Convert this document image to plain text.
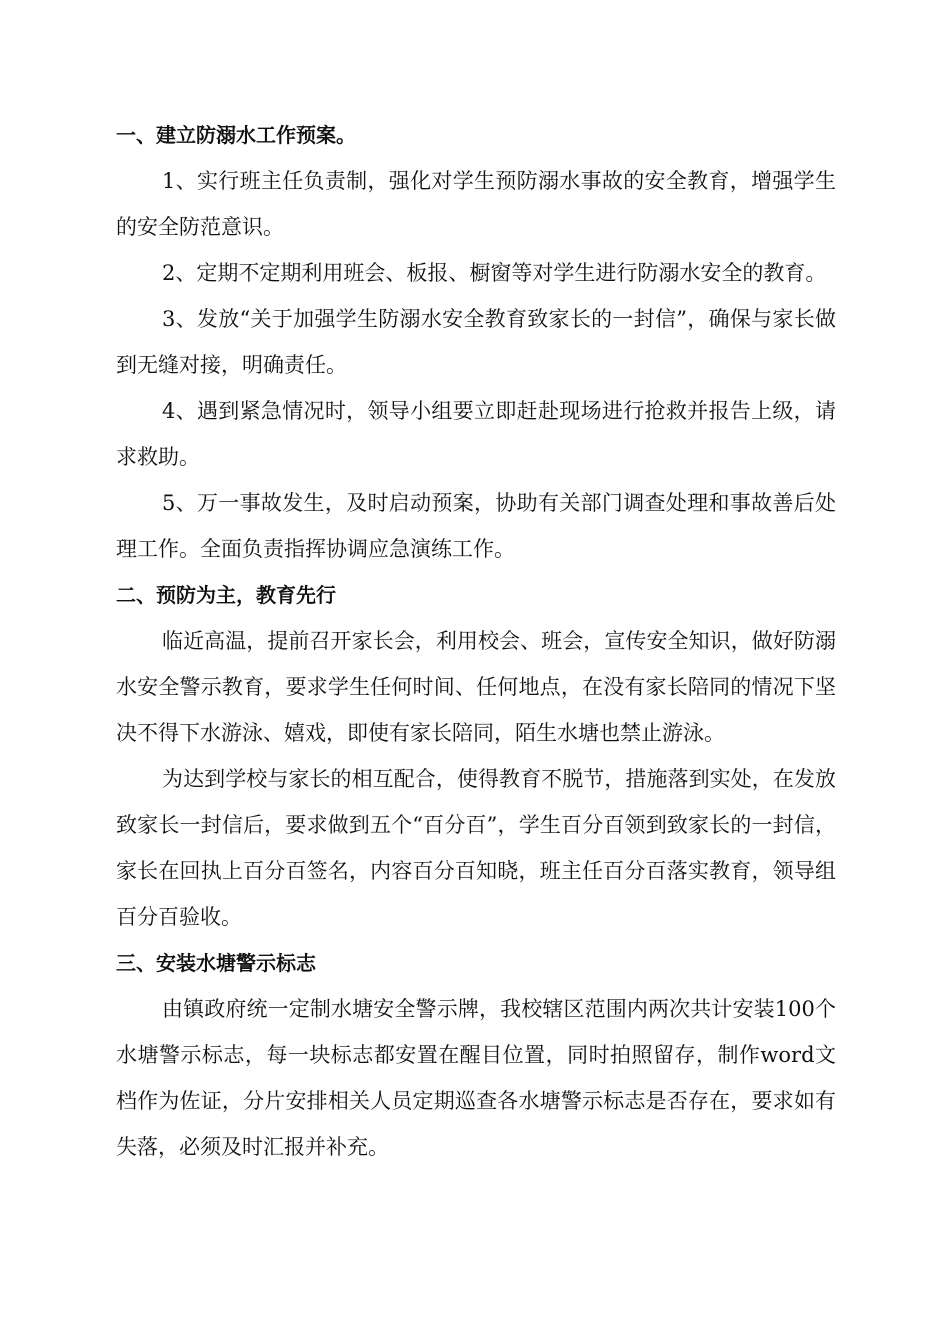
一、建立防溺水工作预案。

1、实行班主任负责制，强化对学生预防溺水事故的安全教育，增强学生的安全防范意识。

2、定期不定期利用班会、板报、橱窗等对学生进行防溺水安全的教育。

3、发放“关于加强学生防溺水安全教育致家长的一封信”，确保与家长做到无缝对接，明确责任。

4、遇到紧急情况时，领导小组要立即赶赴现场进行抢救并报告上级，请求救助。

5、万一事故发生，及时启动预案，协助有关部门调查处理和事故善后处理工作。全面负责指挥协调应急演练工作。

二、预防为主，教育先行

临近高温，提前召开家长会，利用校会、班会，宣传安全知识，做好防溺水安全警示教育，要求学生任何时间、任何地点，在没有家长陪同的情况下坚决不得下水游泳、嬉戏，即使有家长陪同，陌生水塘也禁止游泳。

为达到学校与家长的相互配合，使得教育不脱节，措施落到实处，在发放致家长一封信后，要求做到五个“百分百”，学生百分百领到致家长的一封信，家长在回执上百分百签名，内容百分百知晓，班主任百分百落实教育，领导组百分百验收。

三、安装水塘警示标志

由镇政府统一定制水塘安全警示牌，我校辖区范围内两次共计安装100个水塘警示标志，每一块标志都安置在醒目位置，同时拍照留存，制作word文档作为佐证，分片安排相关人员定期巡查各水塘警示标志是否存在，要求如有失落，必须及时汇报并补充。
